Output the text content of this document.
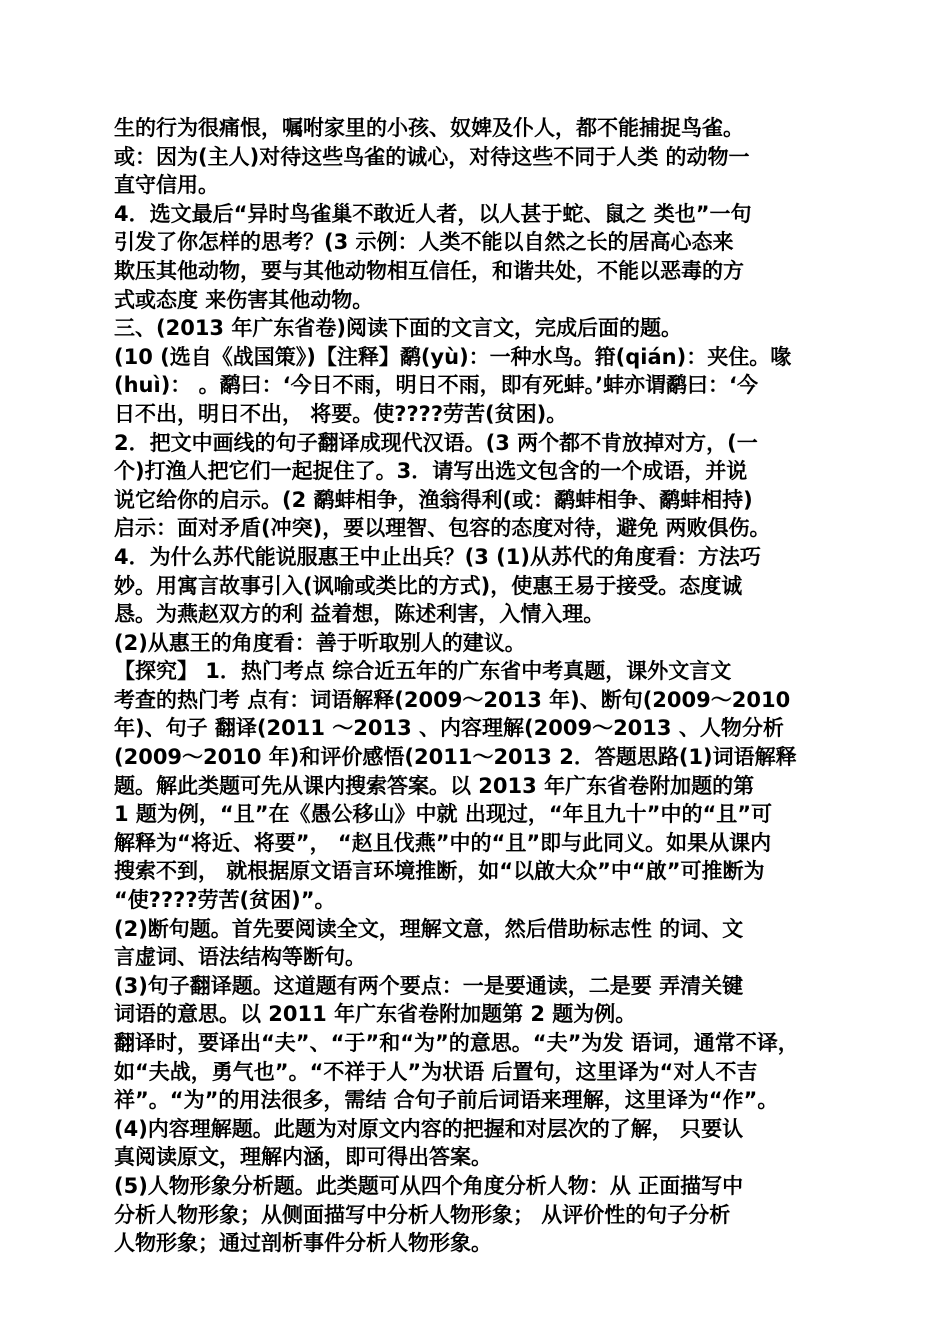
生的行为很痛恨，嘱咐家里的小孩、奴婢及仆人，都不能捕捉鸟雀。
或：因为(主人)对待这些鸟雀的诚心，对待这些不同于人类 的动物一
直守信用。
4．选文最后“异时鸟雀巢不敢近人者，以人甚于蛇、鼠之 类也”一句
引发了你怎样的思考？(3 示例：人类不能以自然之长的居高心态来
欺压其他动物，要与其他动物相互信任，和谐共处，不能以恶毒的方
式或态度 来伤害其他动物。
三、(2013 年广东省卷)阅读下面的文言文，完成后面的题。
(10 (选自《战国策》)【注释】鹬(yù)：一种水鸟。箝(qián)：夹住。喙
(huì)： 。鹬曰：‘今日不雨，明日不雨，即有死蚌。’蚌亦谓鹬曰：‘今
日不出，明日不出， 将要。使????劳苦(贫困)。
2．把文中画线的句子翻译成现代汉语。(3 两个都不肯放掉对方，(一
个)打渔人把它们一起捉住了。3．请写出选文包含的一个成语，并说
说它给你的启示。(2 鹬蚌相争，渔翁得利(或：鹬蚌相争、鹬蚌相持)
启示：面对矛盾(冲突)，要以理智、包容的态度对待，避免 两败俱伤。
4．为什么苏代能说服惠王中止出兵？(3 (1)从苏代的角度看：方法巧
妙。用寓言故事引入(讽喻或类比的方式)，使惠王易于接受。态度诚
恳。为燕赵双方的利 益着想，陈述利害，入情入理。
(2)从惠王的角度看：善于听取别人的建议。
【探究】 1．热门考点 综合近五年的广东省中考真题，课外文言文
考查的热门考 点有：词语解释(2009～2013 年)、断句(2009～2010
年)、句子 翻译(2011 ～2013 、内容理解(2009～2013 、人物分析
(2009～2010 年)和评价感悟(2011～2013 2．答题思路(1)词语解释
题。解此类题可先从课内搜索答案。以 2013 年广东省卷附加题的第
1 题为例，“且”在《愚公移山》中就 出现过，“年且九十”中的“且”可
解释为“将近、将要”， “赵且伐燕”中的“且”即与此同义。如果从课内
搜索不到， 就根据原文语言环境推断，如“以啟大众”中“啟”可推断为
“使????劳苦(贫困)”。
(2)断句题。首先要阅读全文，理解文意，然后借助标志性 的词、文
言虚词、语法结构等断句。
(3)句子翻译题。这道题有两个要点：一是要通读，二是要 弄清关键
词语的意思。以 2011 年广东省卷附加题第 2 题为例。
翻译时，要译出“夫”、“于”和“为”的意思。“夫”为发 语词，通常不译，
如“夫战，勇气也”。“不祥于人”为状语 后置句，这里译为“对人不吉
祥”。“为”的用法很多，需结 合句子前后词语来理解，这里译为“作”。
(4)内容理解题。此题为对原文内容的把握和对层次的了解， 只要认
真阅读原文，理解内涵，即可得出答案。
(5)人物形象分析题。此类题可从四个角度分析人物：从 正面描写中
分析人物形象；从侧面描写中分析人物形象； 从评价性的句子分析
人物形象；通过剖析事件分析人物形象。
